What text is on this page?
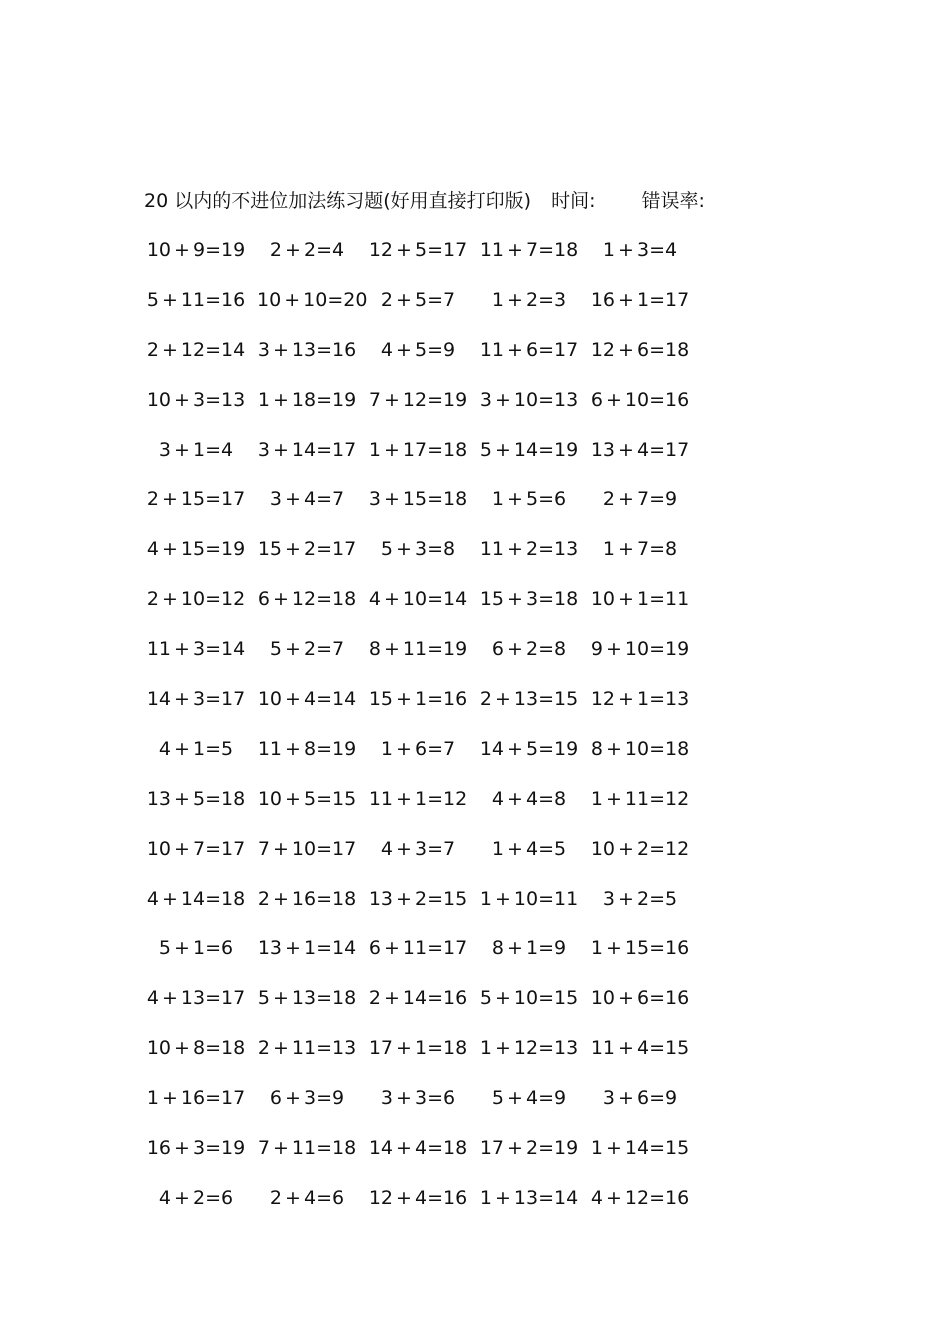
20 以内的不进位加法练习题(好用直接打印版) 时间: 错误率:
10 + 9=19	2 + 2=4	12 + 5=17 11 + 7=18	1 + 3=4
5 + 11=16 10 + 10=20 2 + 5=7	1 + 2=3	16 + 1=17
2 + 12=14 3 + 13=16	4 + 5=9	11 + 6=17 12 + 6=18
10 + 3=13 1 + 18=19 7 + 12=19 3 + 10=13 6 + 10=16
3 + 1=4	3 + 14=17 1 + 17=18 5 + 14=19 13 + 4=17
2 + 15=17	3 + 4=7	3 + 15=18	1 + 5=6	2 + 7=9
4 + 15=19 15 + 2=17	5 + 3=8	11 + 2=13	1 + 7=8
2 + 10=12 6 + 12=18 4 + 10=14 15 + 3=18 10 + 1=11
11 + 3=14	5 + 2=7	8 + 11=19	6 + 2=8	9 + 10=19
14 + 3=17 10 + 4=14 15 + 1=16 2 + 13=15 12 + 1=13
4 + 1=5	11 + 8=19	1 + 6=7	14 + 5=19 8 + 10=18
13 + 5=18 10 + 5=15 11 + 1=12	4 + 4=8	1 + 11=12
10 + 7=17 7 + 10=17	4 + 3=7	1 + 4=5	10 + 2=12
4 + 14=18 2 + 16=18 13 + 2=15 1 + 10=11	3 + 2=5
5 + 1=6	13 + 1=14 6 + 11=17	8 + 1=9	1 + 15=16
4 + 13=17 5 + 13=18 2 + 14=16 5 + 10=15 10 + 6=16
10 + 8=18 2 + 11=13 17 + 1=18 1 + 12=13 11 + 4=15
1 + 16=17	6 + 3=9	3 + 3=6	5 + 4=9	3 + 6=9
16 + 3=19 7 + 11=18 14 + 4=18 17 + 2=19 1 + 14=15
4 + 2=6	2 + 4=6	12 + 4=16 1 + 13=14 4 + 12=16
